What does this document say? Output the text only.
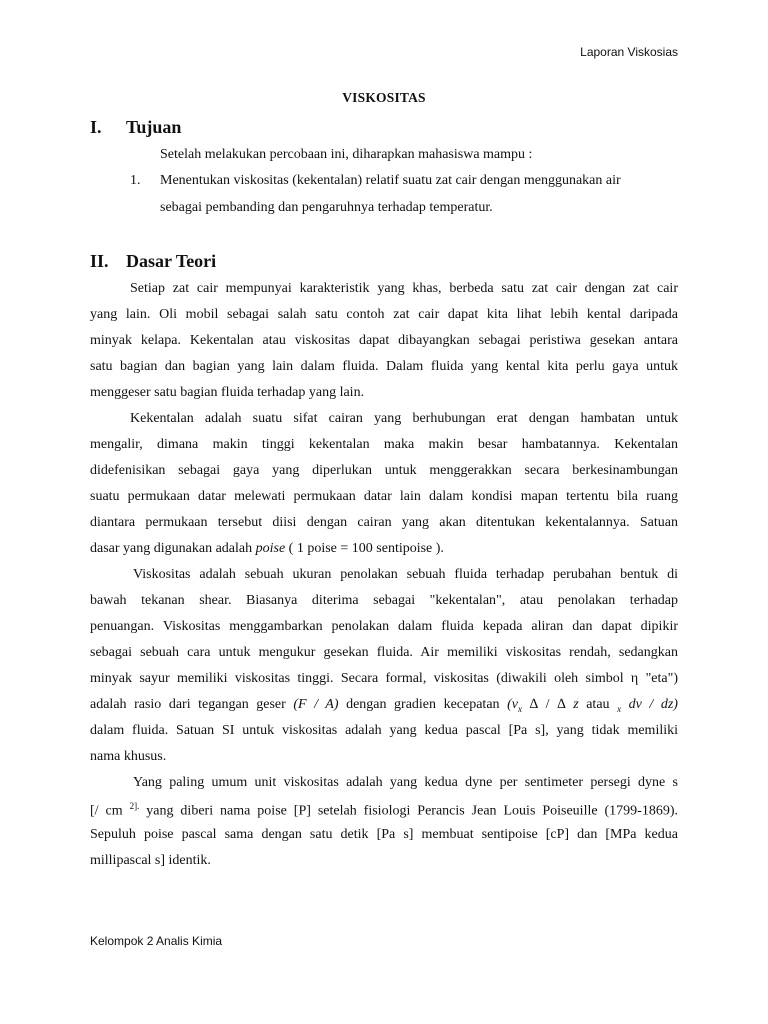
Laporan Viskosias
VISKOSITAS
I.	Tujuan
Setelah melakukan percobaan ini, diharapkan mahasiswa mampu :
1. Menentukan viskositas (kekentalan) relatif suatu zat cair dengan menggunakan air
sebagai pembanding dan pengaruhnya terhadap temperatur.
II. Dasar Teori
Setiap zat cair mempunyai karakteristik yang khas, berbeda satu zat cair dengan zat cair
yang lain. Oli mobil sebagai salah satu contoh zat cair dapat kita lihat lebih kental daripada
minyak kelapa. Kekentalan atau viskositas dapat dibayangkan sebagai peristiwa gesekan antara
satu bagian dan bagian yang lain dalam fluida. Dalam fluida yang kental kita perlu gaya untuk
menggeser satu bagian fluida terhadap yang lain.
Kekentalan adalah suatu sifat cairan yang berhubungan erat dengan hambatan untuk
mengalir, dimana makin tinggi kekentalan maka makin besar hambatannya. Kekentalan
didefenisikan sebagai gaya yang diperlukan untuk menggerakkan secara berkesinambungan
suatu permukaan datar melewati permukaan datar lain dalam kondisi mapan tertentu bila ruang
diantara permukaan tersebut diisi dengan cairan yang akan ditentukan kekentalannya. Satuan
dasar yang digunakan adalah poise ( 1 poise = 100 sentipoise ).
Viskositas adalah sebuah ukuran penolakan sebuah fluida terhadap perubahan bentuk di
bawah tekanan shear. Biasanya diterima sebagai "kekentalan", atau penolakan terhadap
penuangan. Viskositas menggambarkan penolakan dalam fluida kepada aliran dan dapat dipikir
sebagai sebuah cara untuk mengukur gesekan fluida. Air memiliki viskositas rendah, sedangkan
minyak sayur memiliki viskositas tinggi. Secara formal, viskositas (diwakili oleh simbol η "eta")
adalah rasio dari tegangan geser (F / A) dengan gradien kecepatan ($v_x$ ∆ / ∆ z atau $_x$ dv / dz)
dalam fluida. Satuan SI untuk viskositas adalah yang kedua pascal [Pa s], yang tidak memiliki
nama khusus.
Yang paling umum unit viskositas adalah yang kedua dyne per sentimeter persegi dyne s
[/ cm $^{2].}$ yang diberi nama poise [P] setelah fisiologi Perancis Jean Louis Poiseuille (1799-1869).
Sepuluh poise pascal sama dengan satu detik [Pa s] membuat sentipoise [cP] dan [MPa kedua
millipascal s] identik.
Kelompok 2 Analis Kimia
